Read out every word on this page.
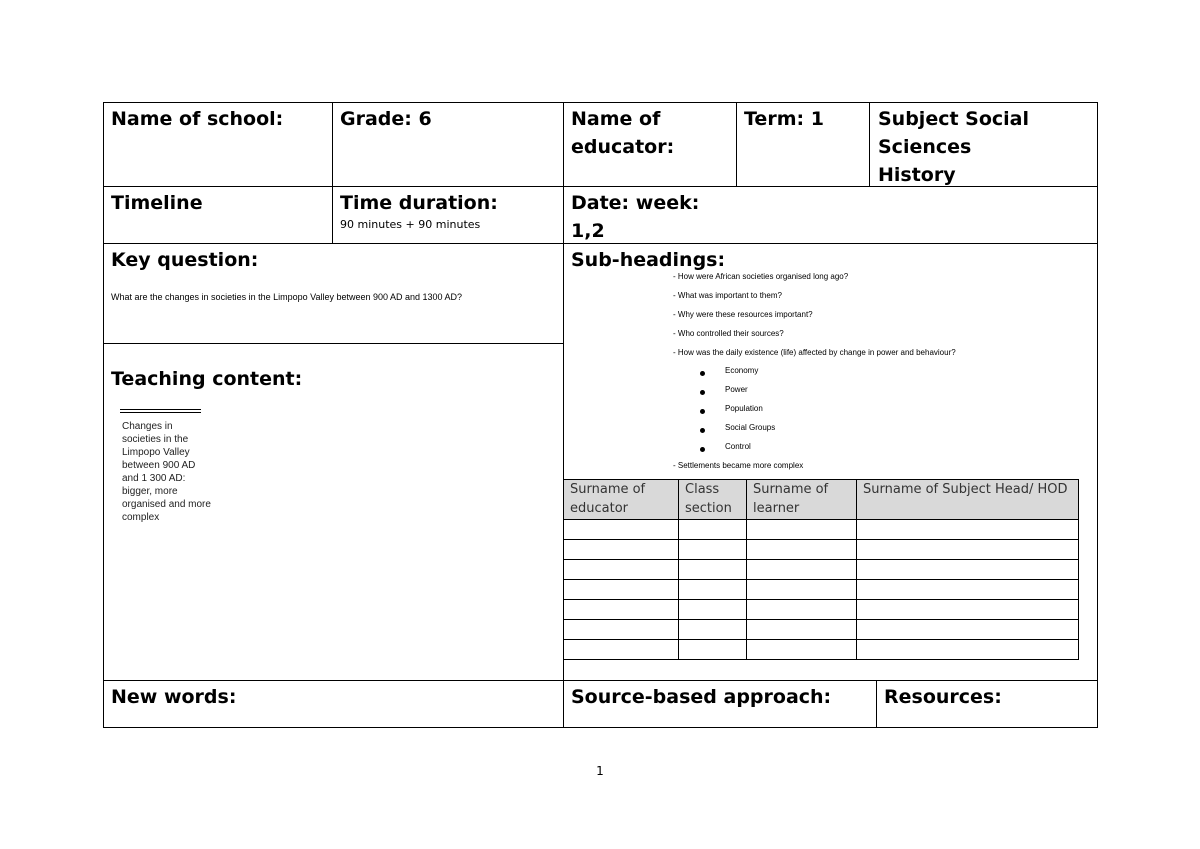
Name of school:	Grade: 6	Name of
educator:
Term: 1	Subject Social
Sciences
History
Timeline	Time duration:
90 minutes + 90 minutes
Date: week:
1,2
Key question:
What are the changes in societies in the Limpopo Valley between 900 AD and 1300 AD?
Teaching content:
Changes in societies in the Limpopo Valley between 900 AD and 1 300 AD: bigger, more organised and more complex
Sub-headings:
- How were African societies organised long ago?
- What was important to them?
- Why were these resources important?
- Who controlled their sources?
- How was the daily existence (life) affected by change in power and behaviour?
Economy
Power
Population
Social Groups
Control
- Settlements became more complex
Surname of educator	Class section	Surname of learner	Surname of Subject Head/ HOD

New words:	Source-based approach:	Resources:
1
